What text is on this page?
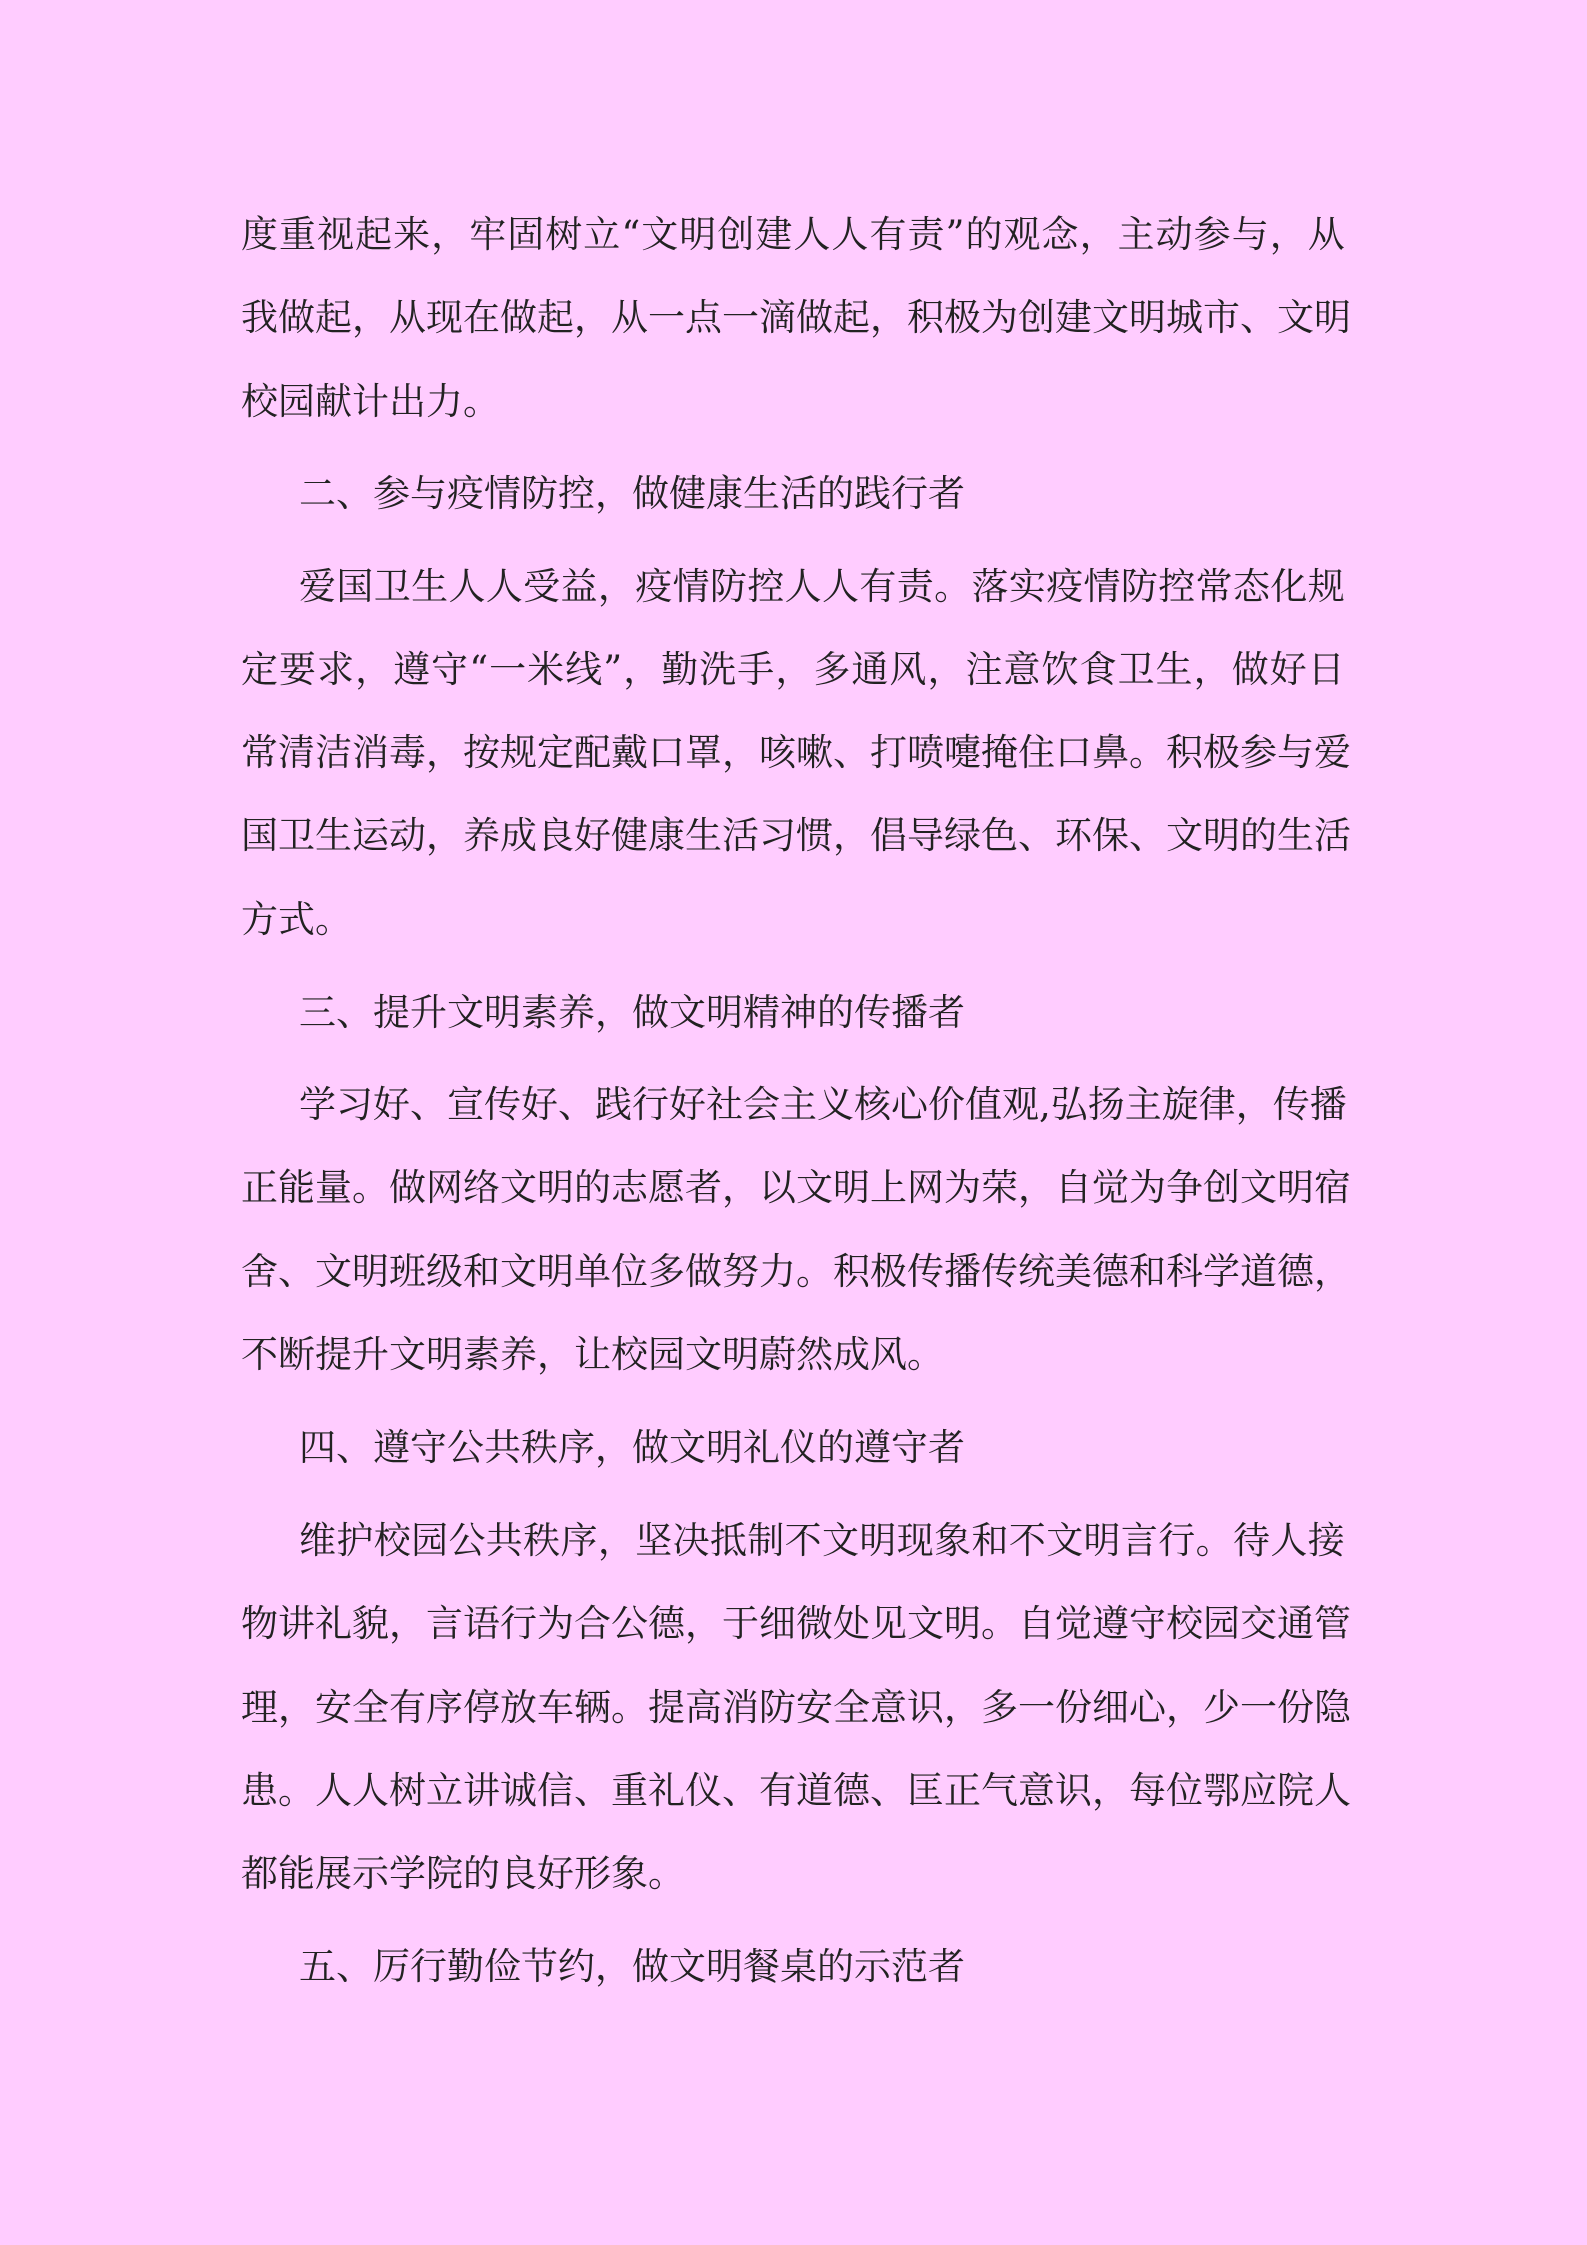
度 重 视 起 来 ， 牢 固 树 立 “ 文 明 创 建 人 人 有 责 ” 的 观 念 ， 主 动 参 与 ， 从
我 做 起 ， 从 现 在 做 起 ， 从 一 点 一 滴 做 起 ， 积 极 为 创 建 文 明 城 市 、 文 明
校园献计出力。
二、参与疫情防控，做健康生活的践行者
爱 国 卫 生 人 人 受 益 ， 疫 情 防 控 人 人 有 责 。 落 实 疫 情 防 控 常 态 化 规
定 要 求 ， 遵 守 “ 一 米 线 ” ， 勤 洗 手 ， 多 通 风 ， 注 意 饮 食 卫 生 ， 做 好 日
常 清 洁 消 毒 ， 按 规 定 配 戴 口 罩 ， 咳 嗽 、 打 喷 嚏 掩 住 口 鼻 。 积 极 参 与 爱
国 卫 生 运 动 ， 养 成 良 好 健 康 生 活 习 惯 ， 倡 导 绿 色 、 环 保 、 文 明 的 生 活
方式。
三、提升文明素养，做文明精神的传播者
学 习 好 、 宣 传 好 、 践 行 好 社 会 主 义 核 心 价 值 观 , 弘 扬 主 旋 律 ， 传 播
正 能 量 。 做 网 络 文 明 的 志 愿 者 ， 以 文 明 上 网 为 荣 ， 自 觉 为 争 创 文 明 宿
舍 、 文 明 班 级 和 文 明 单 位 多 做 努 力 。 积 极 传 播 传 统 美 德 和 科 学 道 德 ，
不断提升文明素养，让校园文明蔚然成风。
四、遵守公共秩序，做文明礼仪的遵守者
维 护 校 园 公 共 秩 序 ， 坚 决 抵 制 不 文 明 现 象 和 不 文 明 言 行 。 待 人 接
物 讲 礼 貌 ， 言 语 行 为 合 公 德 ， 于 细 微 处 见 文 明 。 自 觉 遵 守 校 园 交 通 管
理 ， 安 全 有 序 停 放 车 辆 。 提 高 消 防 安 全 意 识 ， 多 一 份 细 心 ， 少 一 份 隐
患 。 人 人 树 立 讲 诚 信 、 重 礼 仪 、 有 道 德 、 匡 正 气 意 识 ， 每 位 鄂 应 院 人
都能展示学院的良好形象。
五、厉行勤俭节约，做文明餐桌的示范者
